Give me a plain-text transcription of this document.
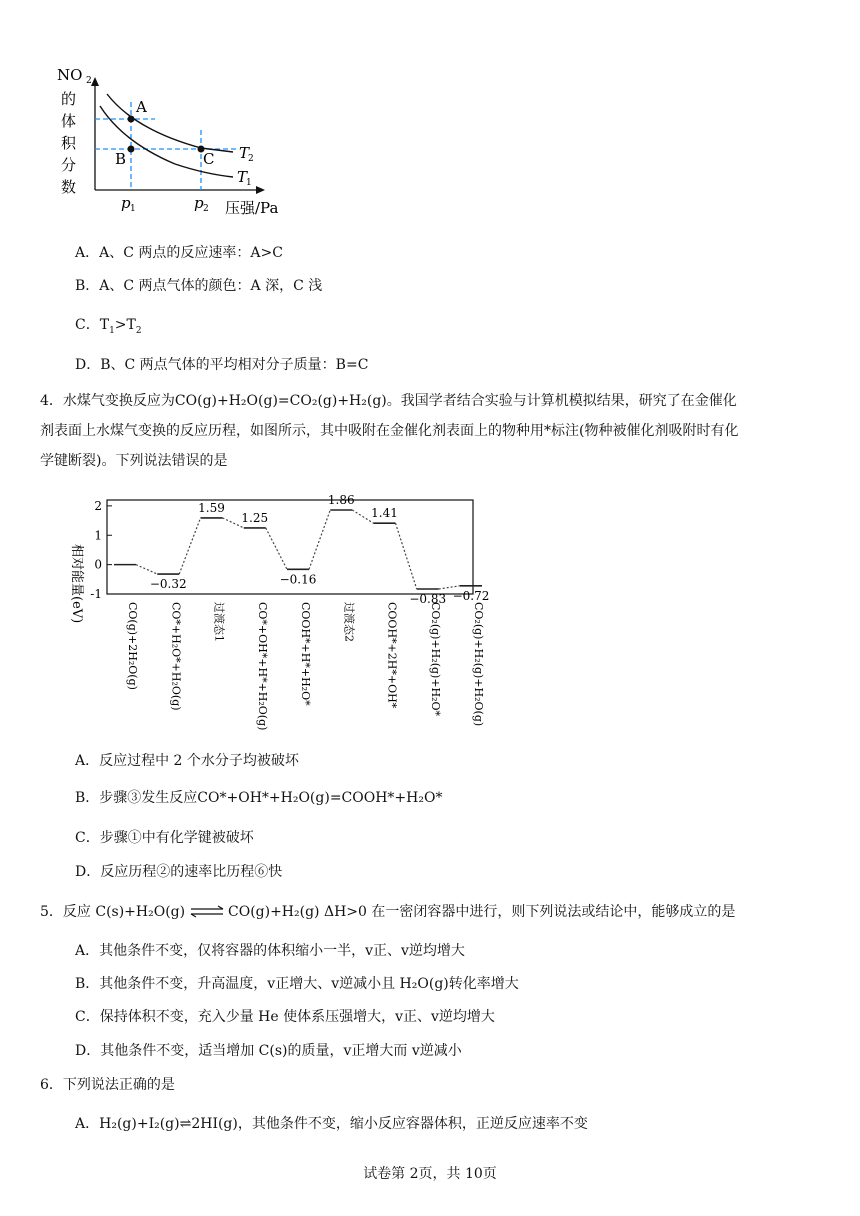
NO 2
的
体
积
分
数
A
B	C T
2
T
1
p 1	p 2 压强/Pa
A．A、C 两点的反应速率：A>C
B．A、C 两点气体的颜色：A 深，C 浅
C．$T_1>T_2$
D．B、C 两点气体的平均相对分子质量：B=C
4．水煤气变换反应为CO(g)+H₂O(g)=CO₂(g)+H₂(g)。我国学者结合实验与计算机模拟结果，研究了在金催化
剂表面上水煤气变换的反应历程，如图所示，其中吸附在金催化剂表面上的物种用*标注(物种被催化剂吸附时有化
学键断裂)。下列说法错误的是
相对能量(eV)
2
1
0
-1
CO(g)+2H₂O(g)
−0.32
CO*+H₂O*+H₂O(g)
1.59
过渡态1
1.25
CO*+OH*+H*+H₂O(g)
−0.16
COOH*+H*+H₂O*
1.86
过渡态2
1.41
COOH*+2H*+OH*
−0.83
CO₂(g)+H₂(g)+H₂O*
−0.72
CO₂(g)+H₂(g)+H₂O(g)
A．反应过程中 2 个水分子均被破坏
B．步骤③发生反应CO*+OH*+H₂O(g)=COOH*+H₂O*
C．步骤①中有化学键被破坏
D．反应历程②的速率比历程⑥快
5．反应 C(s)+H₂O(g) ⇌ CO(g)+H₂(g) ΔH>0 在一密闭容器中进行，则下列说法或结论中，能够成立的是
A．其他条件不变，仅将容器的体积缩小一半，v正、v逆均增大
B．其他条件不变，升高温度，v正增大、v逆减小且 H₂O(g)转化率增大
C．保持体积不变，充入少量 He 使体系压强增大，v正、v逆均增大
D．其他条件不变，适当增加 C(s)的质量，v正增大而 v逆减小
6．下列说法正确的是
A．H₂(g)+I₂(g)⇌2HI(g)，其他条件不变，缩小反应容器体积，正逆反应速率不变
试卷第 2页，共 10页
